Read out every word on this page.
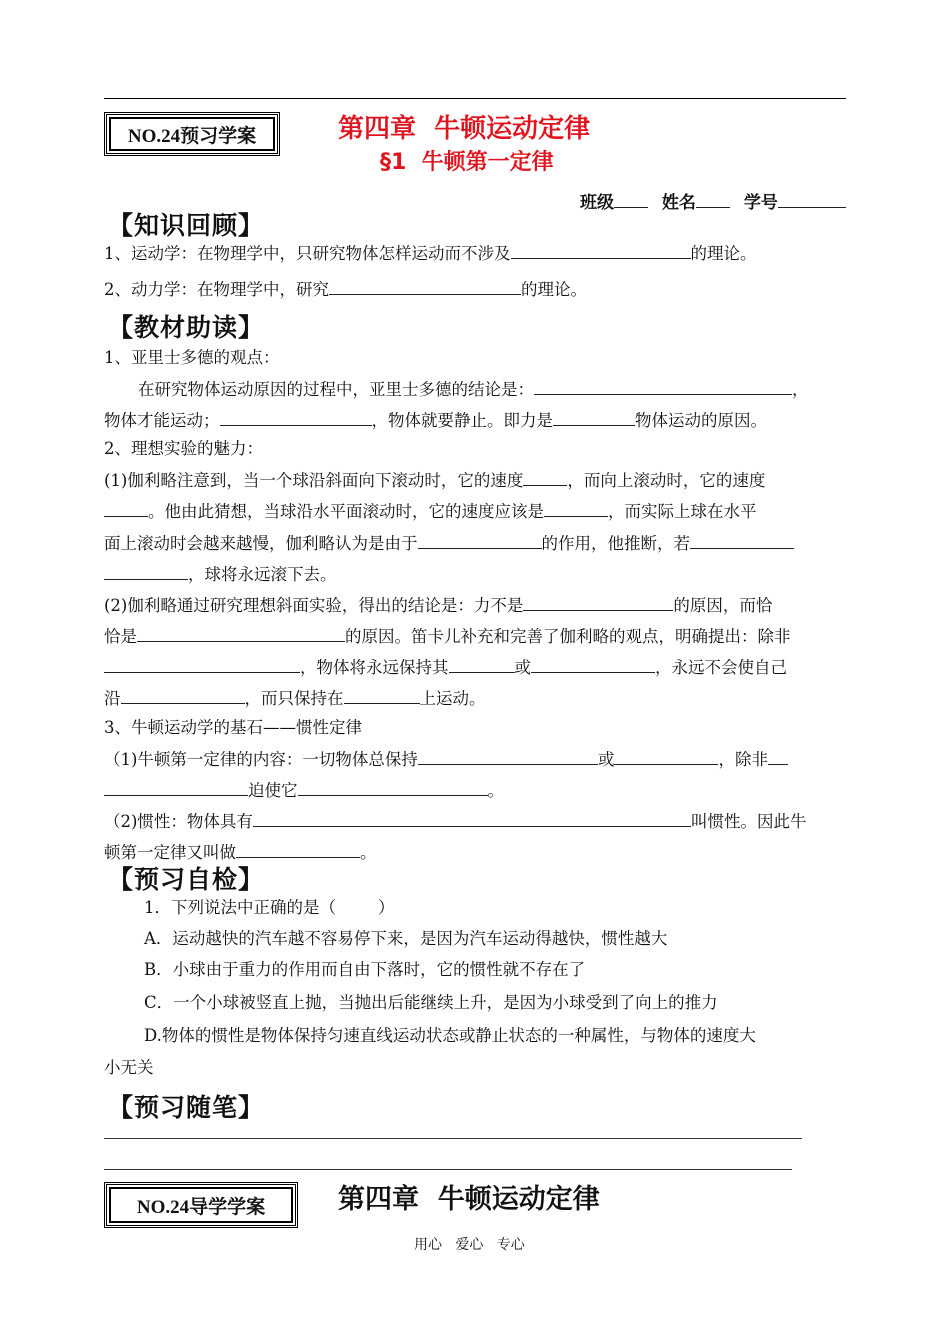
NO.24预习学案	第四章  牛顿运动定律
§1  牛顿第一定律
班级	姓名	学号
【知识回顾】
1、运动学：在物理学中，只研究物体怎样运动而不涉及	的理论。
2、动力学：在物理学中，研究	的理论。
【教材助读】
1、亚里士多德的观点：
在研究物体运动原因的过程中，亚里士多德的结论是：	，
物体才能运动；	，物体就要静止。即力是	物体运动的原因。
2、理想实验的魅力：
(1)伽利略注意到，当一个球沿斜面向下滚动时，它的速度	，而向上滚动时，它的速度
。他由此猜想，当球沿水平面滚动时，它的速度应该是	，而实际上球在水平
面上滚动时会越来越慢，伽利略认为是由于	的作用，他推断，若
，球将永远滚下去。
(2)伽利略通过研究理想斜面实验，得出的结论是：力不是	的原因，而恰
恰是	的原因。笛卡儿补充和完善了伽利略的观点，明确提出：除非
，物体将永远保持其	或	，永远不会使自己
沿	，而只保持在	上运动。
3、牛顿运动学的基石——惯性定律
（1)牛顿第一定律的内容：一切物体总保持	或	，除非
迫使它	。
（2)惯性：物体具有	叫惯性。因此牛
顿第一定律又叫做	。
【预习自检】
1．下列说法中正确的是（        ）
A．运动越快的汽车越不容易停下来，是因为汽车运动得越快，惯性越大
B．小球由于重力的作用而自由下落时，它的惯性就不存在了
C．一个小球被竖直上抛，当抛出后能继续上升，是因为小球受到了向上的推力
D.物体的惯性是物体保持匀速直线运动状态或静止状态的一种属性，与物体的速度大
小无关
【预习随笔】
NO.24导学学案	第四章  牛顿运动定律
用心   爱心   专心
